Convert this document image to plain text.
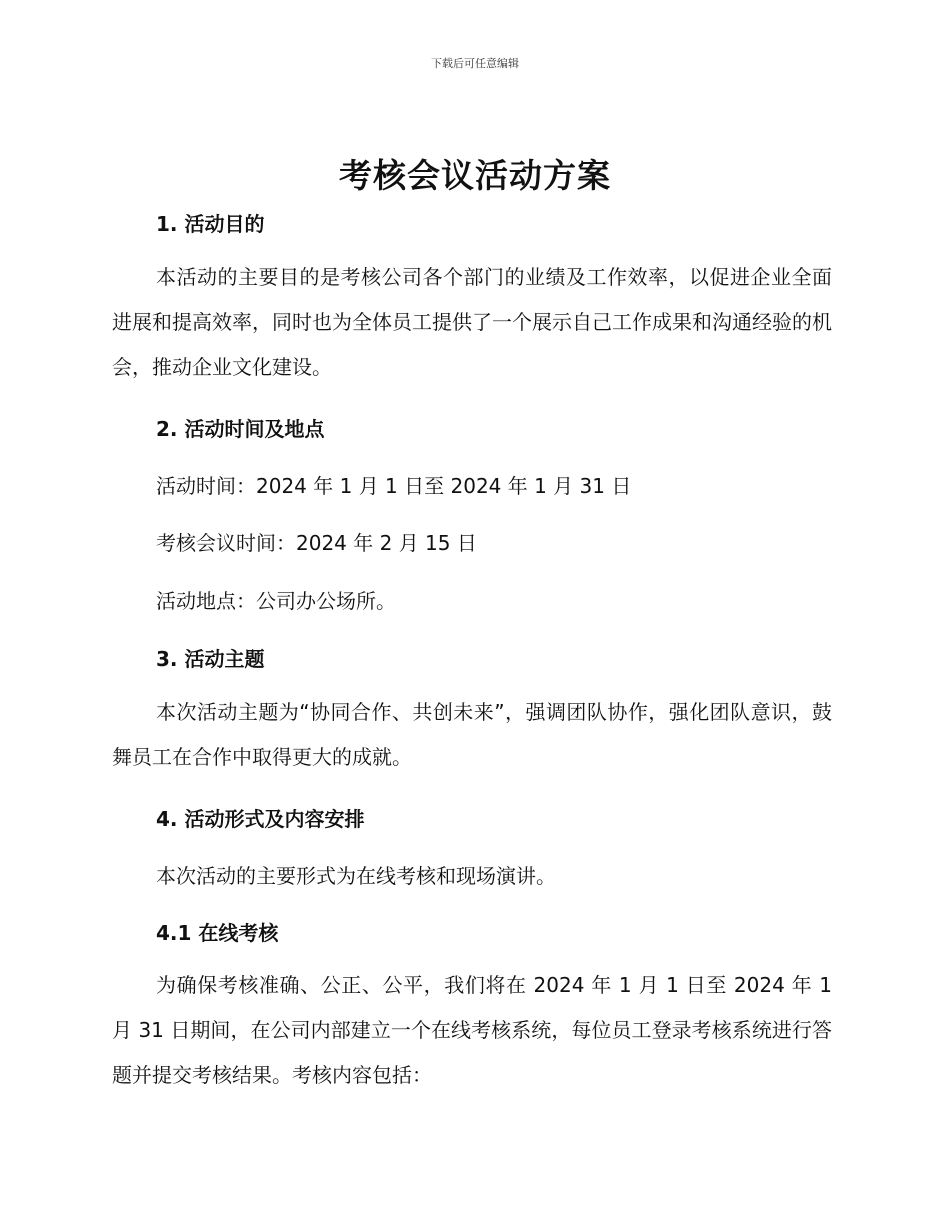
下载后可任意编辑
考核会议活动方案
1. 活动目的
本活动的主要目的是考核公司各个部门的业绩及工作效率，以促进企业全面进展和提高效率，同时也为全体员工提供了一个展示自己工作成果和沟通经验的机会，推动企业文化建设。
2. 活动时间及地点
活动时间：2024 年 1 月 1 日至 2024 年 1 月 31 日
考核会议时间：2024 年 2 月 15 日
活动地点：公司办公场所。
3. 活动主题
本次活动主题为“协同合作、共创未来”，强调团队协作，强化团队意识，鼓舞员工在合作中取得更大的成就。
4. 活动形式及内容安排
本次活动的主要形式为在线考核和现场演讲。
4.1 在线考核
为确保考核准确、公正、公平，我们将在 2024 年 1 月 1 日至 2024 年 1 月 31 日期间，在公司内部建立一个在线考核系统，每位员工登录考核系统进行答题并提交考核结果。考核内容包括：
